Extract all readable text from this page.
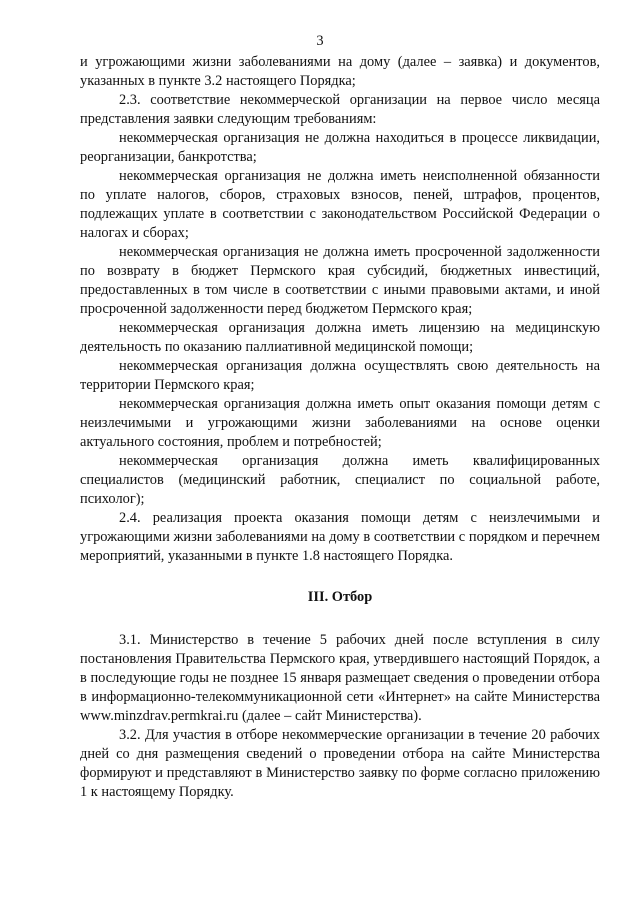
3

и угрожающими жизни заболеваниями на дому (далее – заявка) и документов, указанных в пункте 3.2 настоящего Порядка;

2.3. соответствие некоммерческой организации на первое число месяца представления заявки следующим требованиям:

некоммерческая организация не должна находиться в процессе ликвидации, реорганизации, банкротства;

некоммерческая организация не должна иметь неисполненной обязанности по уплате налогов, сборов, страховых взносов, пеней, штрафов, процентов, подлежащих уплате в соответствии с законодательством Российской Федерации о налогах и сборах;

некоммерческая организация не должна иметь просроченной задолженности по возврату в бюджет Пермского края субсидий, бюджетных инвестиций, предоставленных в том числе в соответствии с иными правовыми актами, и иной просроченной задолженности перед бюджетом Пермского края;

некоммерческая организация должна иметь лицензию на медицинскую деятельность по оказанию паллиативной медицинской помощи;

некоммерческая организация должна осуществлять свою деятельность на территории Пермского края;

некоммерческая организация должна иметь опыт оказания помощи детям с неизлечимыми и угрожающими жизни заболеваниями на основе оценки актуального состояния, проблем и потребностей;

некоммерческая организация должна иметь квалифицированных специалистов (медицинский работник, специалист по социальной работе, психолог);

2.4. реализация проекта оказания помощи детям с неизлечимыми и угрожающими жизни заболеваниями на дому в соответствии с порядком и перечнем мероприятий, указанными в пункте 1.8 настоящего Порядка.

III. Отбор

3.1. Министерство в течение 5 рабочих дней после вступления в силу постановления Правительства Пермского края, утвердившего настоящий Порядок, а в последующие годы не позднее 15 января размещает сведения о проведении отбора в информационно-телекоммуникационной сети «Интернет» на сайте Министерства www.minzdrav.permkrai.ru (далее – сайт Министерства).

3.2. Для участия в отборе некоммерческие организации в течение 20 рабочих дней со дня размещения сведений о проведении отбора на сайте Министерства формируют и представляют в Министерство заявку по форме согласно приложению 1 к настоящему Порядку.
